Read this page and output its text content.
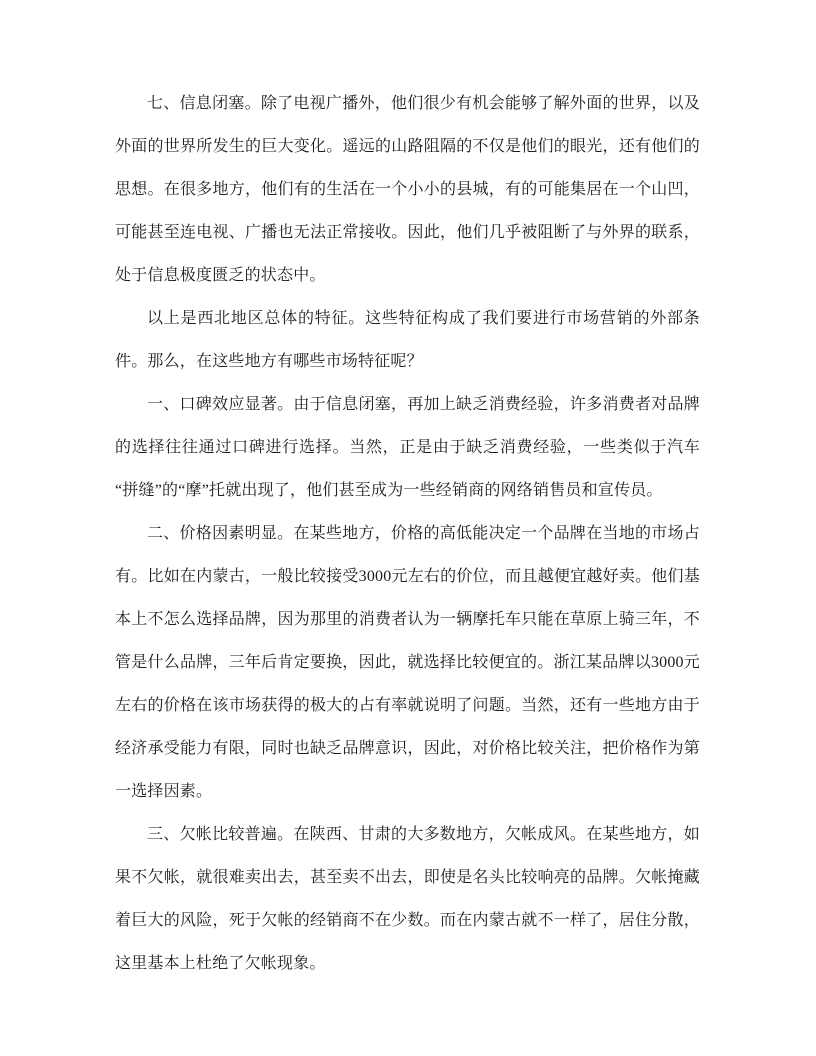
七、信息闭塞。除了电视广播外，他们很少有机会能够了解外面的世界，以及外面的世界所发生的巨大变化。遥远的山路阻隔的不仅是他们的眼光，还有他们的思想。在很多地方，他们有的生活在一个小小的县城，有的可能集居在一个山凹，可能甚至连电视、广播也无法正常接收。因此，他们几乎被阻断了与外界的联系，处于信息极度匮乏的状态中。

以上是西北地区总体的特征。这些特征构成了我们要进行市场营销的外部条件。那么，在这些地方有哪些市场特征呢？

一、口碑效应显著。由于信息闭塞，再加上缺乏消费经验，许多消费者对品牌的选择往往通过口碑进行选择。当然，正是由于缺乏消费经验，一些类似于汽车“拼缝”的“摩”托就出现了，他们甚至成为一些经销商的网络销售员和宣传员。

二、价格因素明显。在某些地方，价格的高低能决定一个品牌在当地的市场占有。比如在内蒙古，一般比较接受3000元左右的价位，而且越便宜越好卖。他们基本上不怎么选择品牌，因为那里的消费者认为一辆摩托车只能在草原上骑三年，不管是什么品牌，三年后肯定要换，因此，就选择比较便宜的。浙江某品牌以3000元左右的价格在该市场获得的极大的占有率就说明了问题。当然，还有一些地方由于经济承受能力有限，同时也缺乏品牌意识，因此，对价格比较关注，把价格作为第一选择因素。

三、欠帐比较普遍。在陕西、甘肃的大多数地方，欠帐成风。在某些地方，如果不欠帐，就很难卖出去，甚至卖不出去，即使是名头比较响亮的品牌。欠帐掩藏着巨大的风险，死于欠帐的经销商不在少数。而在内蒙古就不一样了，居住分散，这里基本上杜绝了欠帐现象。
